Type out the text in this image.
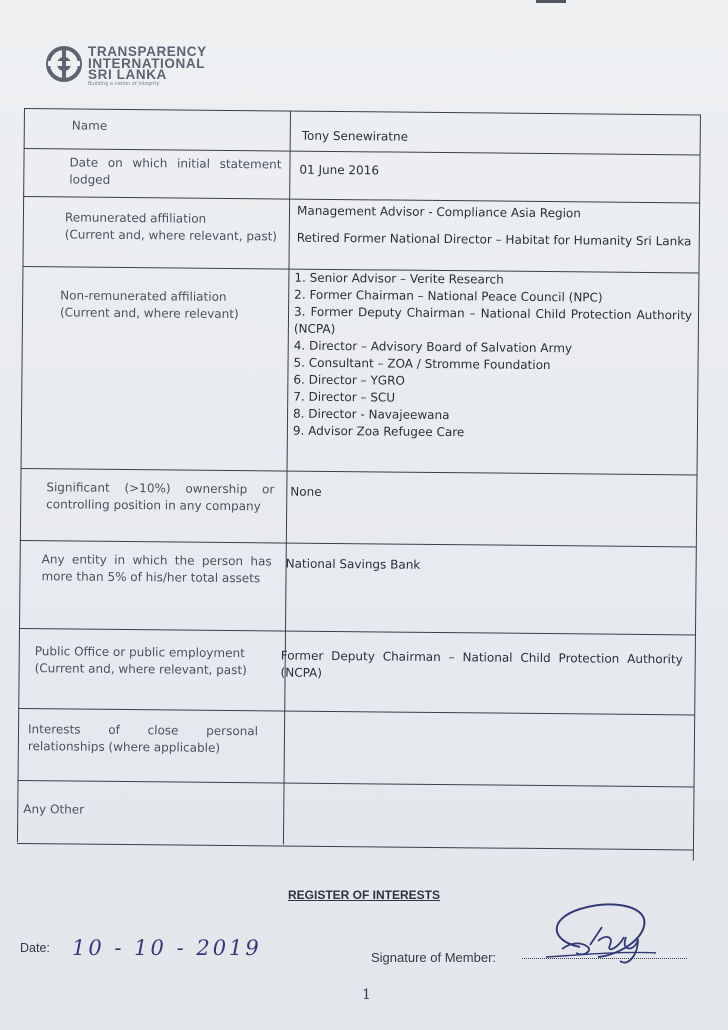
TRANSPARENCY
INTERNATIONAL
SRI LANKA
Building a nation of integrity
Name
Tony Senewiratne
Date on which initial statement lodged
01 June 2016
Remunerated affiliation
(Current and, where relevant, past)
Management Advisor - Compliance Asia Region
Retired Former National Director – Habitat for Humanity Sri Lanka
Non-remunerated affiliation
(Current and, where relevant)
1. Senior Advisor – Verite Research
2. Former Chairman – National Peace Council (NPC)
3. Former Deputy Chairman – National Child Protection Authority (NCPA)
4. Director – Advisory Board of Salvation Army
5. Consultant – ZOA / Stromme Foundation
6. Director – YGRO
7. Director – SCU
8. Director - Navajeewana
9. Advisor Zoa Refugee Care
Significant (>10%) ownership or controlling position in any company
None
Any entity in which the person has more than 5% of his/her total assets
National Savings Bank
Public Office or public employment
(Current and, where relevant, past)
Former Deputy Chairman – National Child Protection Authority (NCPA)
Interests of close personal relationships (where applicable)
Any Other
REGISTER OF INTERESTS
Date: 10 - 10 - 2019	Signature of Member:
1
